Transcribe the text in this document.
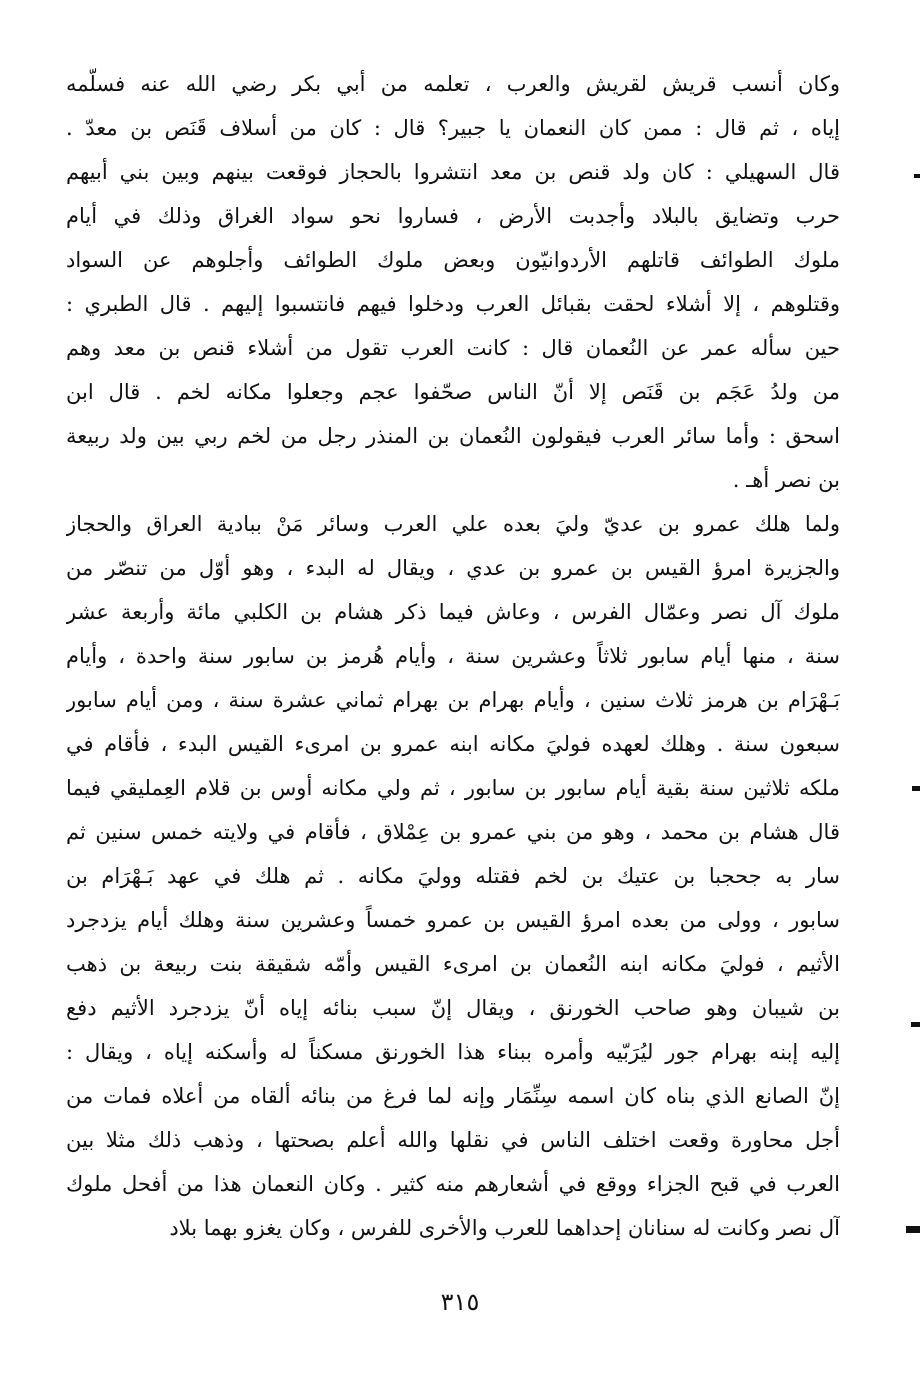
وكان أنسب قريش لقريش والعرب ، تعلمه من أبي بكر رضي الله عنه فسلّمه
إياه ، ثم قال : ممن كان النعمان يا جبير؟ قال : كان من أسلاف قَنَص بن معدّ .
قال السهيلي : كان ولد قنص بن معد انتشروا بالحجاز فوقعت بينهم وبين بني أبيهم
حرب وتضايق بالبلاد وأجدبت الأرض ، فساروا نحو سواد الغراق وذلك في أيام
ملوك الطوائف قاتلهم الأردوانيّون وبعض ملوك الطوائف وأجلوهم عن السواد
وقتلوهم ، إلا أشلاء لحقت بقبائل العرب ودخلوا فيهم فانتسبوا إليهم . قال الطبري :
حين سأله عمر عن النُعمان قال : كانت العرب تقول من أشلاء قنص بن معد وهم
من ولدُ عَجَم بن قَنَص إلا أنّ الناس صحّفوا عجم وجعلوا مكانه لخم . قال ابن
اسحق : وأما سائر العرب فيقولون النُعمان بن المنذر رجل من لخم ربي بين ولد ربيعة
بن نصر أهـ .
ولما هلك عمرو بن عديّ وليَ بعده علي العرب وسائر مَنْ ببادية العراق والحجاز
والجزيرة امرؤ القيس بن عمرو بن عدي ، ويقال له البدء ، وهو أوّل من تنصّر من
ملوك آل نصر وعمّال الفرس ، وعاش فيما ذكر هشام بن الكلبي مائة وأربعة عشر
سنة ، منها أيام سابور ثلاثاً وعشرين سنة ، وأيام هُرمز بن سابور سنة واحدة ، وأيام
بَـهْرَام بن هرمز ثلاث سنين ، وأيام بهرام بن بهرام ثماني عشرة سنة ، ومن أيام سابور
سبعون سنة . وهلك لعهده فوليَ مكانه ابنه عمرو بن امرىء القيس البدء ، فأقام في
ملكه ثلاثين سنة بقية أيام سابور بن سابور ، ثم ولي مكانه أوس بن قلام العِمليقي فيما
قال هشام بن محمد ، وهو من بني عمرو بن عِمْلاق ، فأقام في ولايته خمس سنين ثم
سار به جحجبا بن عتيك بن لخم فقتله ووليَ مكانه . ثم هلك في عهد بَـهْرَام بن
سابور ، وولى من بعده امرؤ القيس بن عمرو خمساً وعشرين سنة وهلك أيام يزدجرد
الأثيم ، فوليَ مكانه ابنه النُعمان بن امرىء القيس وأمّه شقيقة بنت ربيعة بن ذهب
بن شيبان وهو صاحب الخورنق ، ويقال إنّ سبب بنائه إياه أنّ يزدجرد الأثيم دفع
إليه إبنه بهرام جور ليُرَبّيه وأمره ببناء هذا الخورنق مسكناً له وأسكنه إياه ، ويقال :
إنّ الصانع الذي بناه كان اسمه سِنِّمَار وإنه لما فرغ من بنائه ألقاه من أعلاه فمات من
أجل محاورة وقعت اختلف الناس في نقلها والله أعلم بصحتها ، وذهب ذلك مثلا بين
العرب في قبح الجزاء ووقع في أشعارهم منه كثير . وكان النعمان هذا من أفحل ملوك
آل نصر وكانت له سنانان إحداهما للعرب والأخرى للفرس ، وكان يغزو بهما بلاد
٣١٥
